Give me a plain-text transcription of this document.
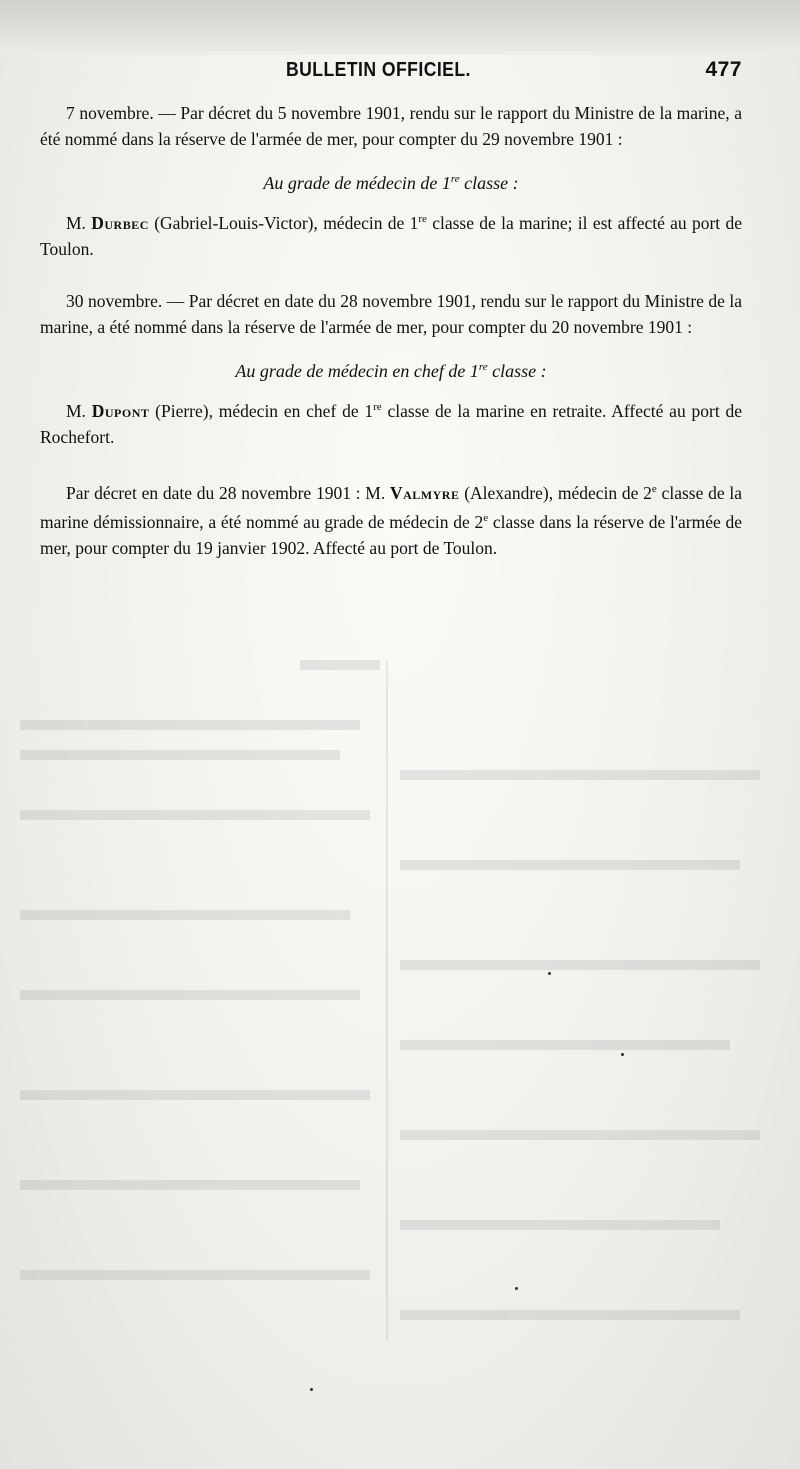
BULLETIN OFFICIEL.	477

7 novembre. — Par décret du 5 novembre 1901, rendu sur le rapport du Ministre de la marine, a été nommé dans la réserve de l'armée de mer, pour compter du 29 novembre 1901 :

Au grade de médecin de 1re classe :

M. Durbec (Gabriel-Louis-Victor), médecin de 1re classe de la marine; il est affecté au port de Toulon.

30 novembre. — Par décret en date du 28 novembre 1901, rendu sur le rapport du Ministre de la marine, a été nommé dans la réserve de l'armée de mer, pour compter du 20 novembre 1901 :

Au grade de médecin en chef de 1re classe :

M. Dupont (Pierre), médecin en chef de 1re classe de la marine en retraite. Affecté au port de Rochefort.

Par décret en date du 28 novembre 1901 : M. Valmyre (Alexandre), médecin de 2e classe de la marine démissionnaire, a été nommé au grade de médecin de 2e classe dans la réserve de l'armée de mer, pour compter du 19 janvier 1902. Affecté au port de Toulon.
